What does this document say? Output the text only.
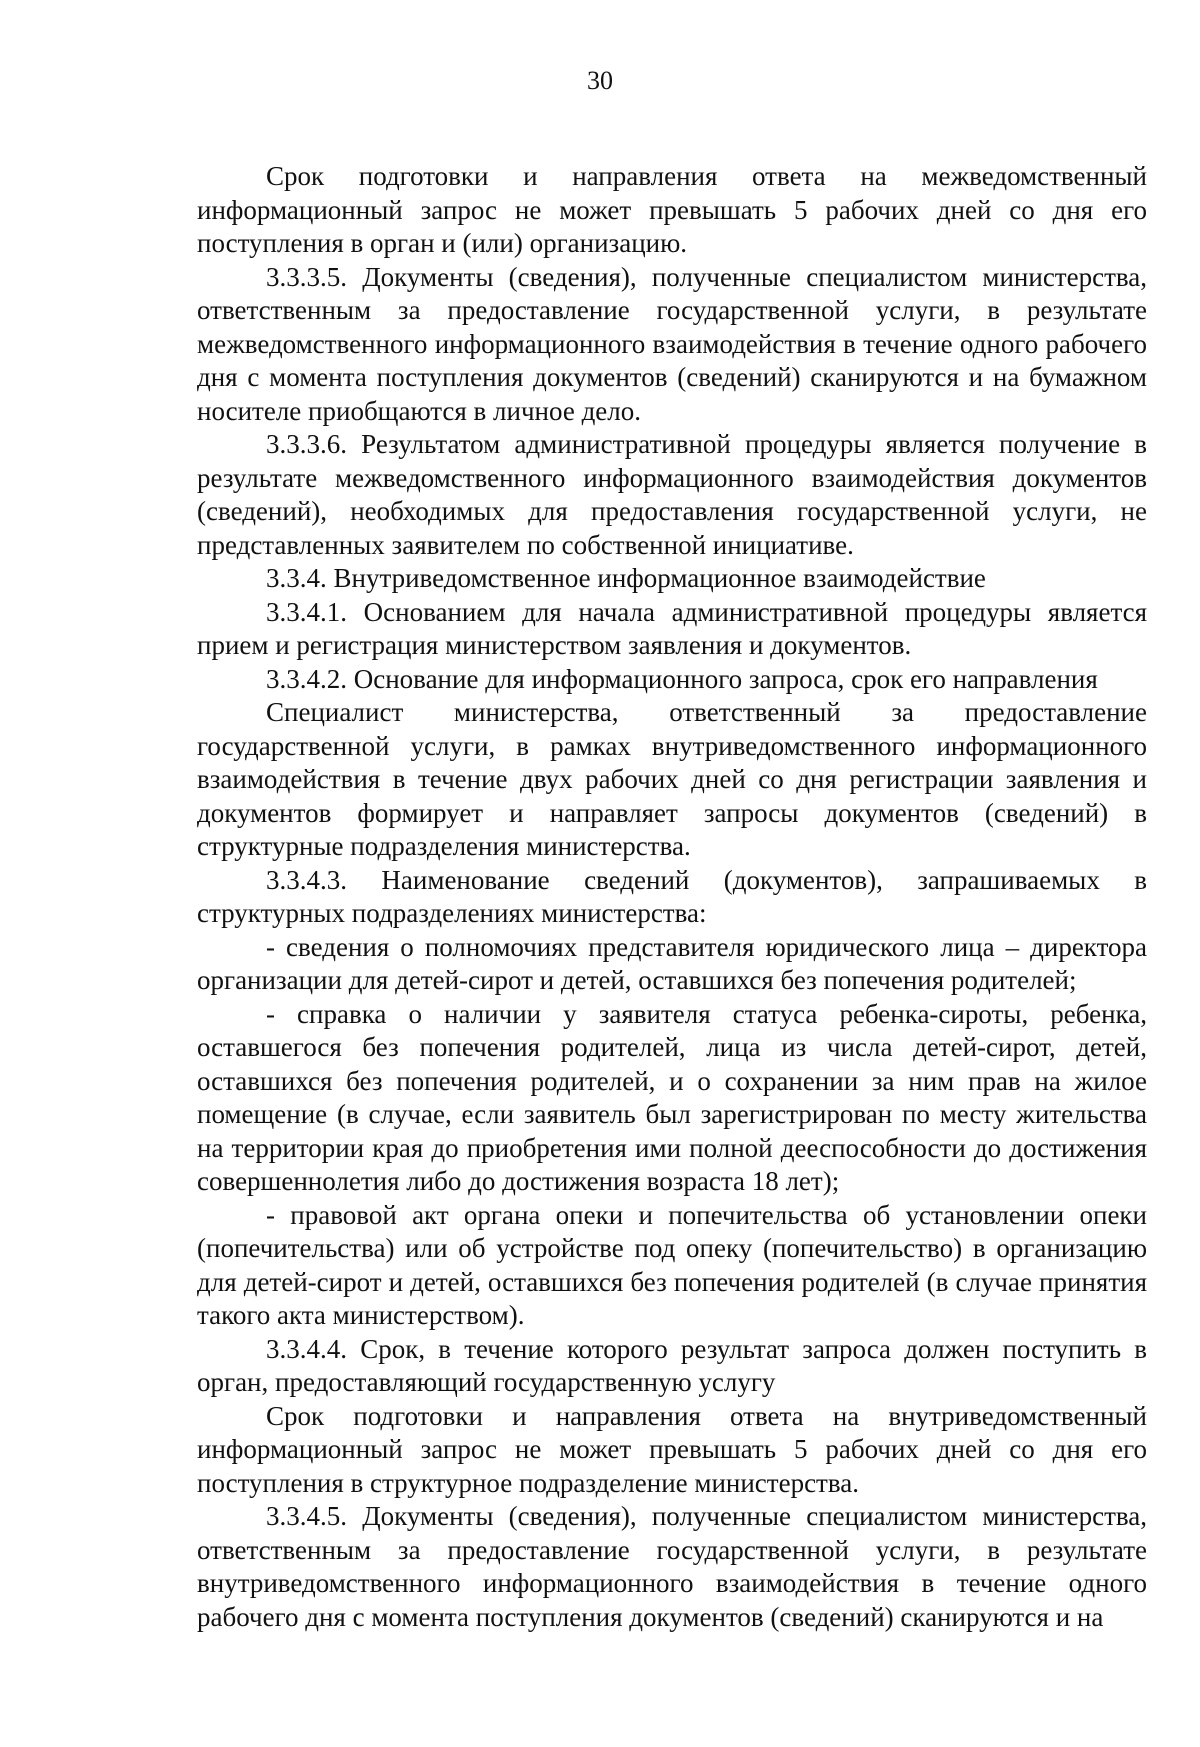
30

Срок подготовки и направления ответа на межведомственный информационный запрос не может превышать 5 рабочих дней со дня его поступления в орган и (или) организацию.

3.3.3.5. Документы (сведения), полученные специалистом министерства, ответственным за предоставление государственной услуги, в результате межведомственного информационного взаимодействия в течение одного рабочего дня с момента поступления документов (сведений) сканируются и на бумажном носителе приобщаются в личное дело.

3.3.3.6. Результатом административной процедуры является получение в результате межведомственного информационного взаимодействия документов (сведений), необходимых для предоставления государственной услуги, не представленных заявителем по собственной инициативе.

3.3.4. Внутриведомственное информационное взаимодействие

3.3.4.1. Основанием для начала административной процедуры является прием и регистрация министерством заявления и документов.

3.3.4.2. Основание для информационного запроса, срок его направления

Специалист министерства, ответственный за предоставление государственной услуги, в рамках внутриведомственного информационного взаимодействия в течение двух рабочих дней со дня регистрации заявления и документов формирует и направляет запросы документов (сведений) в структурные подразделения министерства.

3.3.4.3. Наименование сведений (документов), запрашиваемых в структурных подразделениях министерства:

- сведения о полномочиях представителя юридического лица – директора организации для детей-сирот и детей, оставшихся без попечения родителей;

- справка о наличии у заявителя статуса ребенка-сироты, ребенка, оставшегося без попечения родителей, лица из числа детей-сирот, детей, оставшихся без попечения родителей, и о сохранении за ним прав на жилое помещение (в случае, если заявитель был зарегистрирован по месту жительства на территории края до приобретения ими полной дееспособности до достижения совершеннолетия либо до достижения возраста 18 лет);

- правовой акт органа опеки и попечительства об установлении опеки (попечительства) или об устройстве под опеку (попечительство) в организацию для детей-сирот и детей, оставшихся без попечения родителей (в случае принятия такого акта министерством).

3.3.4.4. Срок, в течение которого результат запроса должен поступить в орган, предоставляющий государственную услугу

Срок подготовки и направления ответа на внутриведомственный информационный запрос не может превышать 5 рабочих дней со дня его поступления в структурное подразделение министерства.

3.3.4.5. Документы (сведения), полученные специалистом министерства, ответственным за предоставление государственной услуги, в результате внутриведомственного информационного взаимодействия в течение одного рабочего дня с момента поступления документов (сведений) сканируются и на
